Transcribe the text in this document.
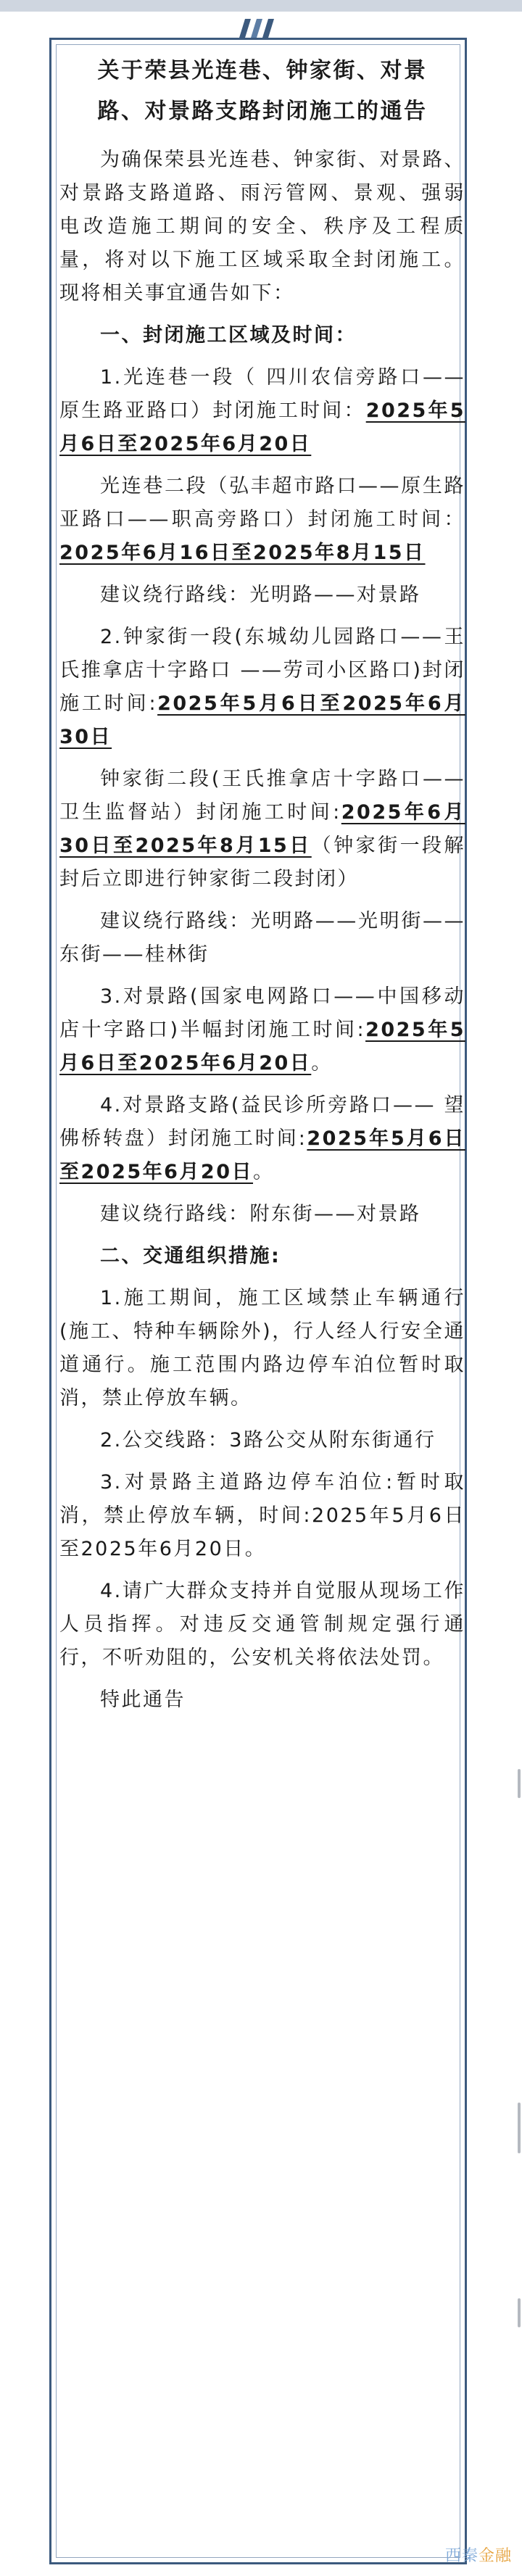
关于荣县光连巷、钟家街、对景路、对景路支路封闭施工的通告

为确保荣县光连巷、钟家街、对景路、对景路支路道路、雨污管网、景观、强弱电改造施工期间的安全、秩序及工程质量，将对以下施工区域采取全封闭施工。现将相关事宜通告如下：

一、封闭施工区域及时间：

1.光连巷一段（ 四川农信旁路口——原生路亚路口）封闭施工时间：2025年5月6日至2025年6月20日

光连巷二段（弘丰超市路口——原生路亚路口——职高旁路口）封闭施工时间：2025年6月16日至2025年8月15日

建议绕行路线：光明路——对景路

2.钟家街一段(东城幼儿园路口——王氏推拿店十字路口 ——劳司小区路口)封闭施工时间:2025年5月6日至2025年6月30日

钟家街二段(王氏推拿店十字路口——卫生监督站）封闭施工时间:2025年6月30日至2025年8月15日（钟家街一段解封后立即进行钟家街二段封闭）

建议绕行路线：光明路——光明街——东街——桂林街

3.对景路(国家电网路口——中国移动店十字路口)半幅封闭施工时间:2025年5月6日至2025年6月20日。

4.对景路支路(益民诊所旁路口—— 望佛桥转盘）封闭施工时间:2025年5月6日至2025年6月20日。

建议绕行路线：附东街——对景路

二、交通组织措施:

1.施工期间，施工区域禁止车辆通行(施工、特种车辆除外)，行人经人行安全通道通行。施工范围内路边停车泊位暂时取消，禁止停放车辆。

2.公交线路：3路公交从附东街通行

3.对景路主道路边停车泊位:暂时取消，禁止停放车辆，时间:2025年5月6日至2025年6月20日。

4.请广大群众支持并自觉服从现场工作人员指挥。对违反交通管制规定强行通行，不听劝阻的，公安机关将依法处罚。

特此通告

西秦金融
